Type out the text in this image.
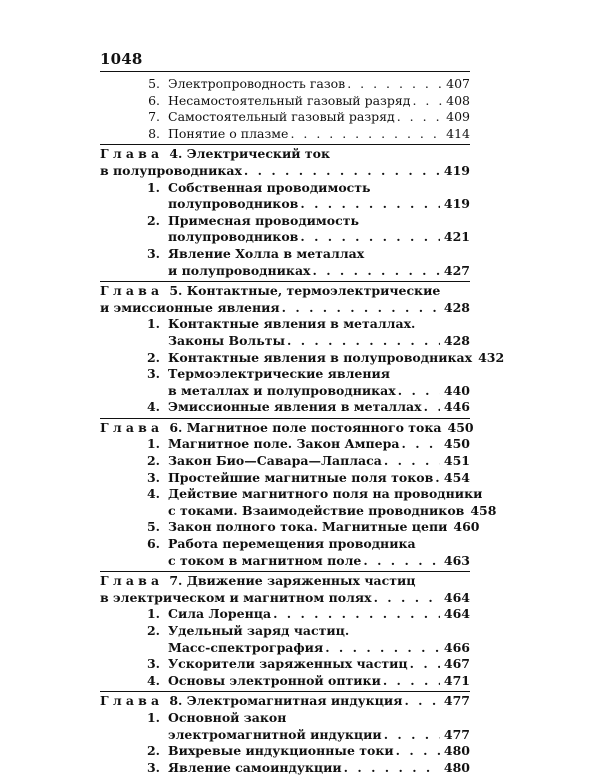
1048
5. Электропроводность газов . . .	407
6. Несамостоятельный газовый разряд . . .	408
7. Самостоятельный газовый разряд . . .	409
8. Понятие о плазме . . .	414
Глава 4. Электрический ток
в полупроводниках . . .	419
1. Собственная проводимость
полупроводников . . .	419
2. Примесная проводимость
полупроводников . . .	421
3. Явление Холла в металлах
и полупроводниках . . .	427
Глава 5. Контактные, термоэлектрические
и эмиссионные явления . . .	428
1. Контактные явления в металлах.
Законы Вольты . . .	428
2. Контактные явления в полупроводниках 432
3. Термоэлектрические явления
в металлах и полупроводниках . . .	440
4. Эмиссионные явления в металлах . . . 446
Глава 6. Магнитное поле постоянного тока 450
1. Магнитное поле. Закон Ампера . . .	450
2. Закон Био—Савара—Лапласа . . .	451
3. Простейшие магнитные поля токов . . . 454
4. Действие магнитного поля на проводники
с токами. Взаимодействие проводников 458
5. Закон полного тока. Магнитные цепи 460
6. Работа перемещения проводника
с током в магнитном поле . . .	463
Глава 7. Движение заряженных частиц
в электрическом и магнитном полях . . .	464
1. Сила Лоренца . . .	464
2. Удельный заряд частиц.
Масс-спектрография . . .	466
3. Ускорители заряженных частиц . . .	467
4. Основы электронной оптики . . .	471
Глава 8. Электромагнитная индукция . . .	477
1. Основной закон
электромагнитной индукции . . .	477
2. Вихревые индукционные токи . . .	480
3. Явление самоиндукции . . .	480
